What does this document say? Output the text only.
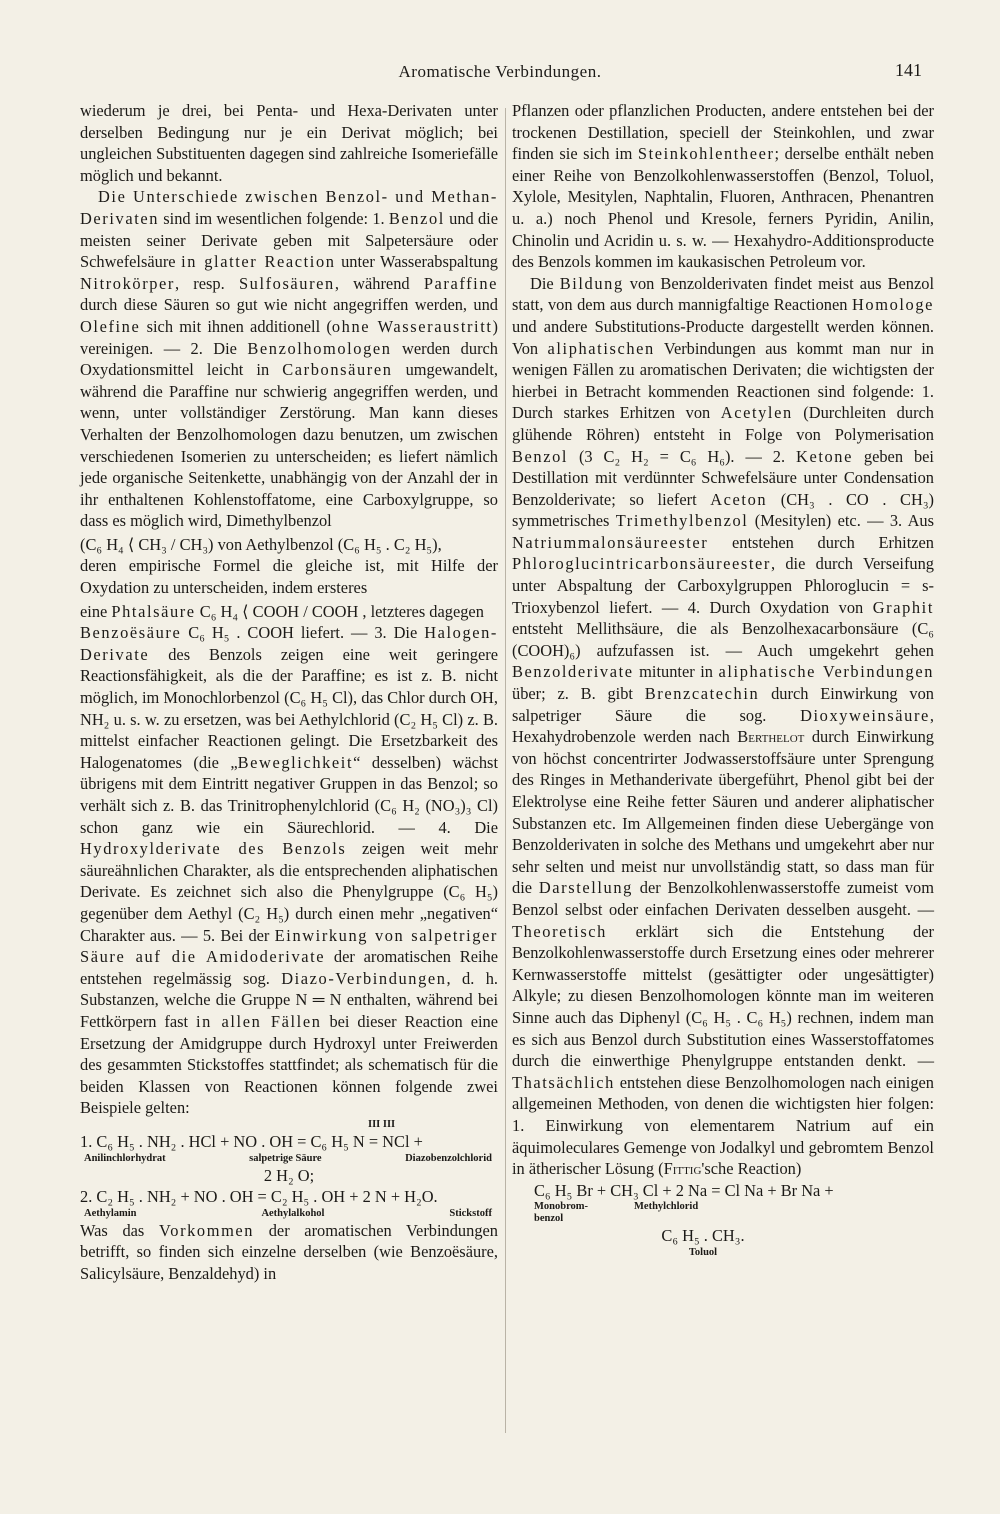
Aromatische Verbindungen.	141

wiederum je drei, bei Penta- und Hexa-Derivaten unter derselben Bedingung nur je ein Derivat möglich; bei ungleichen Substituenten dagegen sind zahlreiche Isomeriefälle möglich und bekannt.

Die Unterschiede zwischen Benzol- und Methan-Derivaten sind im wesentlichen folgende: 1. Benzol und die meisten seiner Derivate geben mit Salpetersäure oder Schwefelsäure in glatter Reaction unter Wasserabspaltung Nitrokörper, resp. Sulfosäuren, während Paraffine durch diese Säuren so gut wie nicht angegriffen werden, und Olefine sich mit ihnen additionell (ohne Wasseraustritt) vereinigen. — 2. Die Benzolhomologen werden durch Oxydationsmittel leicht in Carbonsäuren umgewandelt, während die Paraffine nur schwierig angegriffen werden, und wenn, unter vollständiger Zerstörung. Man kann dieses Verhalten der Benzolhomologen dazu benutzen, um zwischen verschiedenen Isomerien zu unterscheiden; es liefert nämlich jede organische Seitenkette, unabhängig von der Anzahl der in ihr enthaltenen Kohlenstoffatome, eine Carboxylgruppe, so dass es möglich wird, Dimethylbenzol

(C₆ H₄ ⟨ CH₃ / CH₃) von Aethylbenzol (C₆ H₅ . C₂ H₅),

deren empirische Formel die gleiche ist, mit Hilfe der Oxydation zu unterscheiden, indem ersteres

eine Phtalsäure C₆ H₄ ⟨ COOH / COOH , letzteres dagegen

Benzoësäure C₆ H₅ . COOH liefert. — 3. Die Halogen-Derivate des Benzols zeigen eine weit geringere Reactionsfähigkeit, als die der Paraffine; es ist z. B. nicht möglich, im Monochlorbenzol (C₆ H₅ Cl), das Chlor durch OH, NH₂ u. s. w. zu ersetzen, was bei Aethylchlorid (C₂ H₅ Cl) z. B. mittelst einfacher Reactionen gelingt. Die Ersetzbarkeit des Halogenatomes (die „Beweglichkeit“ desselben) wächst übrigens mit dem Eintritt negativer Gruppen in das Benzol; so verhält sich z. B. das Trinitrophenylchlorid (C₆ H₂ (NO₃)₃ Cl) schon ganz wie ein Säurechlorid. — 4. Die Hydroxylderivate des Benzols zeigen weit mehr säureähnlichen Charakter, als die entsprechenden aliphatischen Derivate. Es zeichnet sich also die Phenylgruppe (C₆ H₅) gegenüber dem Aethyl (C₂ H₅) durch einen mehr „negativen“ Charakter aus. — 5. Bei der Einwirkung von salpetriger Säure auf die Amidoderivate der aromatischen Reihe entstehen regelmässig sog. Diazo-Verbindungen, d. h. Substanzen, welche die Gruppe N ═ N enthalten, während bei Fettkörpern fast in allen Fällen bei dieser Reaction eine Ersetzung der Amidgruppe durch Hydroxyl unter Freiwerden des gesammten Stickstoffes stattfindet; als schematisch für die beiden Klassen von Reactionen können folgende zwei Beispiele gelten:

III III
1. C₆ H₅ . NH₂ . HCl + NO . OH = C₆ H₅ N = NCl +
Anilinchlorhydrat	salpetrige Säure	Diazobenzolchlorid
2 H₂ O;
2. C₂ H₅ . NH₂ + NO . OH = C₂ H₅ . OH + 2 N + H₂O.
Aethylamin	Aethylalkohol	Stickstoff

Was das Vorkommen der aromatischen Verbindungen betrifft, so finden sich einzelne derselben (wie Benzoësäure, Salicylsäure, Benzaldehyd) in

Pflanzen oder pflanzlichen Producten, andere entstehen bei der trockenen Destillation, speciell der Steinkohlen, und zwar finden sie sich im Steinkohlentheer; derselbe enthält neben einer Reihe von Benzolkohlenwasserstoffen (Benzol, Toluol, Xylole, Mesitylen, Naphtalin, Fluoren, Anthracen, Phenantren u. a.) noch Phenol und Kresole, ferners Pyridin, Anilin, Chinolin und Acridin u. s. w. — Hexahydro-Additionsproducte des Benzols kommen im kaukasischen Petroleum vor.

Die Bildung von Benzolderivaten findet meist aus Benzol statt, von dem aus durch mannigfaltige Reactionen Homologe und andere Substitutions-Producte dargestellt werden können. Von aliphatischen Verbindungen aus kommt man nur in wenigen Fällen zu aromatischen Derivaten; die wichtigsten der hierbei in Betracht kommenden Reactionen sind folgende: 1. Durch starkes Erhitzen von Acetylen (Durchleiten durch glühende Röhren) entsteht in Folge von Polymerisation Benzol (3 C₂ H₂ = C₆ H₆). — 2. Ketone geben bei Destillation mit verdünnter Schwefelsäure unter Condensation Benzolderivate; so liefert Aceton (CH₃ . CO . CH₃) symmetrisches Trimethylbenzol (Mesitylen) etc. — 3. Aus Natriummalonsäureester entstehen durch Erhitzen Phloroglucintricarbonsäureester, die durch Verseifung unter Abspaltung der Carboxylgruppen Phloroglucin = s-Trioxybenzol liefert. — 4. Durch Oxydation von Graphit entsteht Mellithsäure, die als Benzolhexacarbonsäure (C₆ (COOH)₆) aufzufassen ist. — Auch umgekehrt gehen Benzolderivate mitunter in aliphatische Verbindungen über; z. B. gibt Brenzcatechin durch Einwirkung von salpetriger Säure die sog. Dioxyweinsäure, Hexahydrobenzole werden nach Berthelot durch Einwirkung von höchst concentrirter Jodwasserstoffsäure unter Sprengung des Ringes in Methanderivate übergeführt, Phenol gibt bei der Elektrolyse eine Reihe fetter Säuren und anderer aliphatischer Substanzen etc. Im Allgemeinen finden diese Uebergänge von Benzolderivaten in solche des Methans und umgekehrt aber nur sehr selten und meist nur unvollständig statt, so dass man für die Darstellung der Benzolkohlenwasserstoffe zumeist vom Benzol selbst oder einfachen Derivaten desselben ausgeht. — Theoretisch erklärt sich die Entstehung der Benzolkohlenwasserstoffe durch Ersetzung eines oder mehrerer Kernwasserstoffe mittelst (gesättigter oder ungesättigter) Alkyle; zu diesen Benzolhomologen könnte man im weiteren Sinne auch das Diphenyl (C₆ H₅ . C₆ H₅) rechnen, indem man es sich aus Benzol durch Substitution eines Wasserstoffatomes durch die einwerthige Phenylgruppe entstanden denkt. — Thatsächlich entstehen diese Benzolhomologen nach einigen allgemeinen Methoden, von denen die wichtigsten hier folgen: 1. Einwirkung von elementarem Natrium auf ein äquimoleculares Gemenge von Jodalkyl und gebromtem Benzol in ätherischer Lösung (Fittig'sche Reaction)

C₆ H₅ Br + CH₃ Cl + 2 Na = Cl Na + Br Na +
Monobrom-benzol
Methylchlorid
C₆ H₅ . CH₃.
Toluol
